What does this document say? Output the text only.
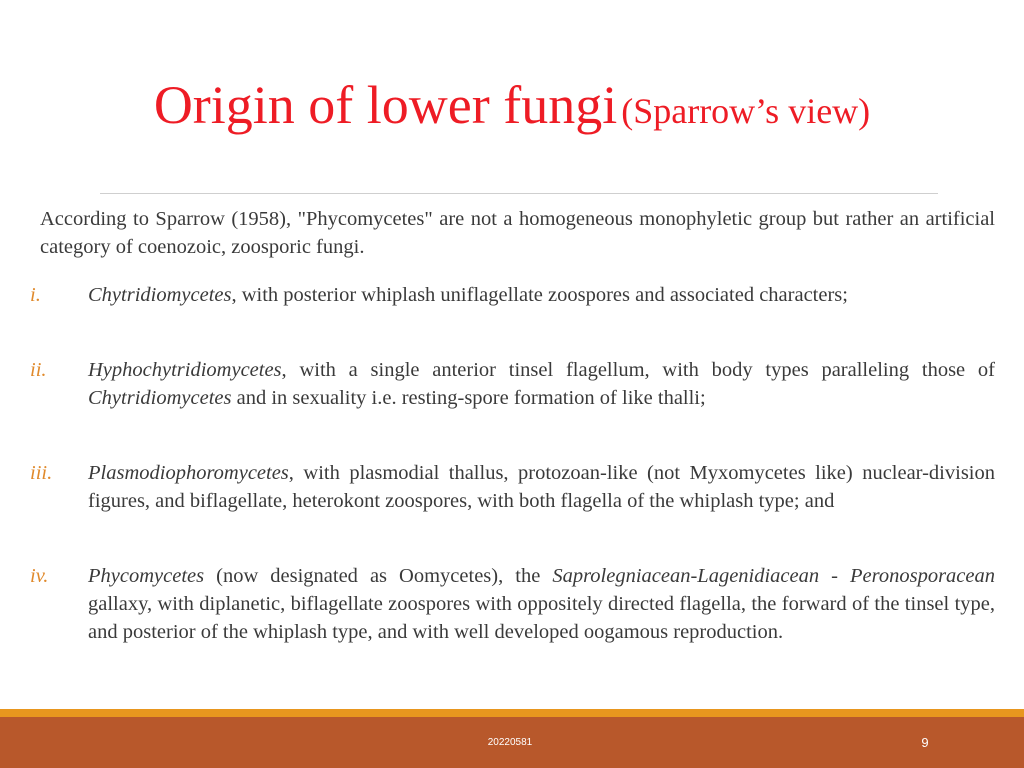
Origin of lower fungi (Sparrow’s view)
According to Sparrow (1958), "Phycomycetes" are not a homogeneous monophyletic group but rather an artificial category of coenozoic, zoosporic fungi.
i. Chytridiomycetes, with posterior whiplash uniflagellate zoospores and associated characters;
ii. Hyphochytridiomycetes, with a single anterior tinsel flagellum, with body types paralleling those of Chytridiomycetes and in sexuality i.e. resting-spore formation of like thalli;
iii. Plasmodiophoromycetes, with plasmodial thallus, protozoan-like (not Myxomycetes like) nuclear-division figures, and biflagellate, heterokont zoospores, with both flagella of the whiplash type; and
iv. Phycomycetes (now designated as Oomycetes), the Saprolegniacean-Lagenidiacean - Peronosporacean gallaxy, with diplanetic, biflagellate zoospores with oppositely directed flagella, the forward of the tinsel type, and posterior of the whiplash type, and with well developed oogamous reproduction.
20220581	9
